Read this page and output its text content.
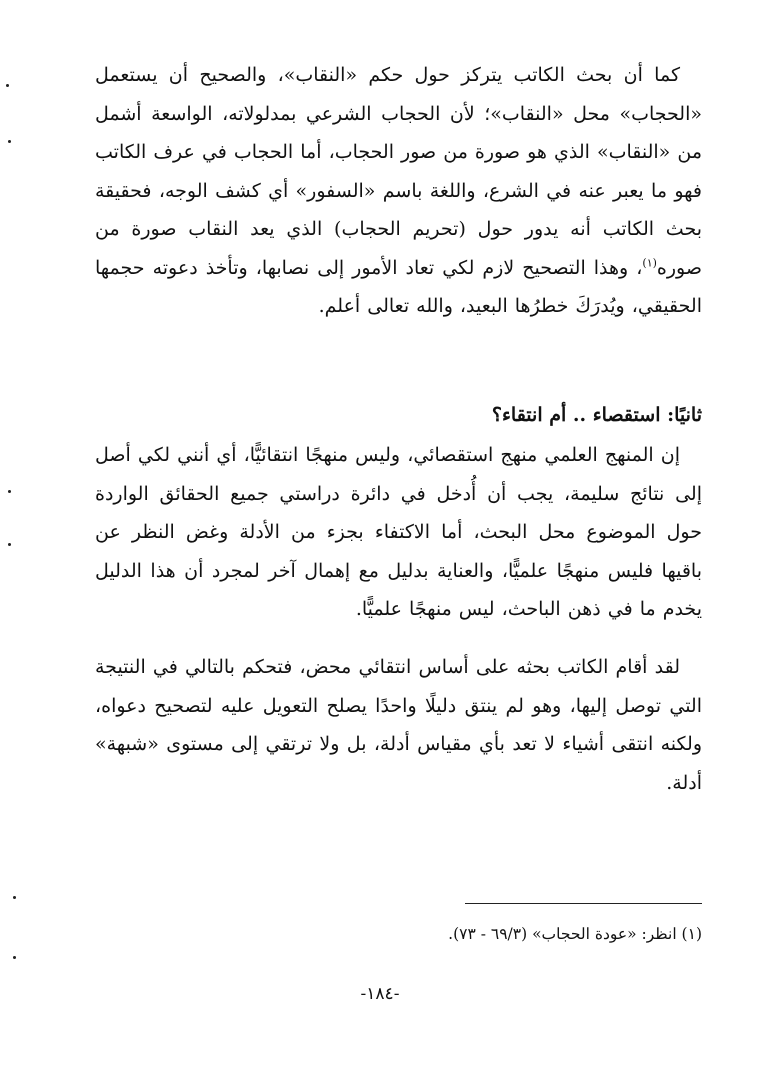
كما أن بحث الكاتب يتركز حول حكم «النقاب»، والصحيح أن يستعمل «الحجاب» محل «النقاب»؛ لأن الحجاب الشرعي بمدلولاته، الواسعة أشمل من «النقاب» الذي هو صورة من صور الحجاب، أما الحجاب في عرف الكاتب فهو ما يعبر عنه في الشرع، واللغة باسم «السفور» أي كشف الوجه، فحقيقة بحث الكاتب أنه يدور حول (تحريم الحجاب) الذي يعد النقاب صورة من صوره$^{(١)}$، وهذا التصحيح لازم لكي تعاد الأمور إلى نصابها، وتأخذ دعوته حجمها الحقيقي، ويُدرَكَ خطرُها البعيد، والله تعالى أعلم.
ثانيًا: استقصاء .. أم انتقاء؟
إن المنهج العلمي منهج استقصائي، وليس منهجًا انتقائيًّا، أي أنني لكي أصل إلى نتائج سليمة، يجب أن أُدخل في دائرة دراستي جميع الحقائق الواردة حول الموضوع محل البحث، أما الاكتفاء بجزء من الأدلة وغض النظر عن باقيها فليس منهجًا علميًّا، والعناية بدليل مع إهمال آخر لمجرد أن هذا الدليل يخدم ما في ذهن الباحث، ليس منهجًا علميًّا.
لقد أقام الكاتب بحثه على أساس انتقائي محض، فتحكم بالتالي في النتيجة التي توصل إليها، وهو لم ينتق دليلًا واحدًا يصلح التعويل عليه لتصحيح دعواه، ولكنه انتقى أشياء لا تعد بأي مقياس أدلة، بل ولا ترتقي إلى مستوى «شبهة» أدلة.
(١) انظر: «عودة الحجاب» (٦٩/٣ - ٧٣).
-١٨٤-
